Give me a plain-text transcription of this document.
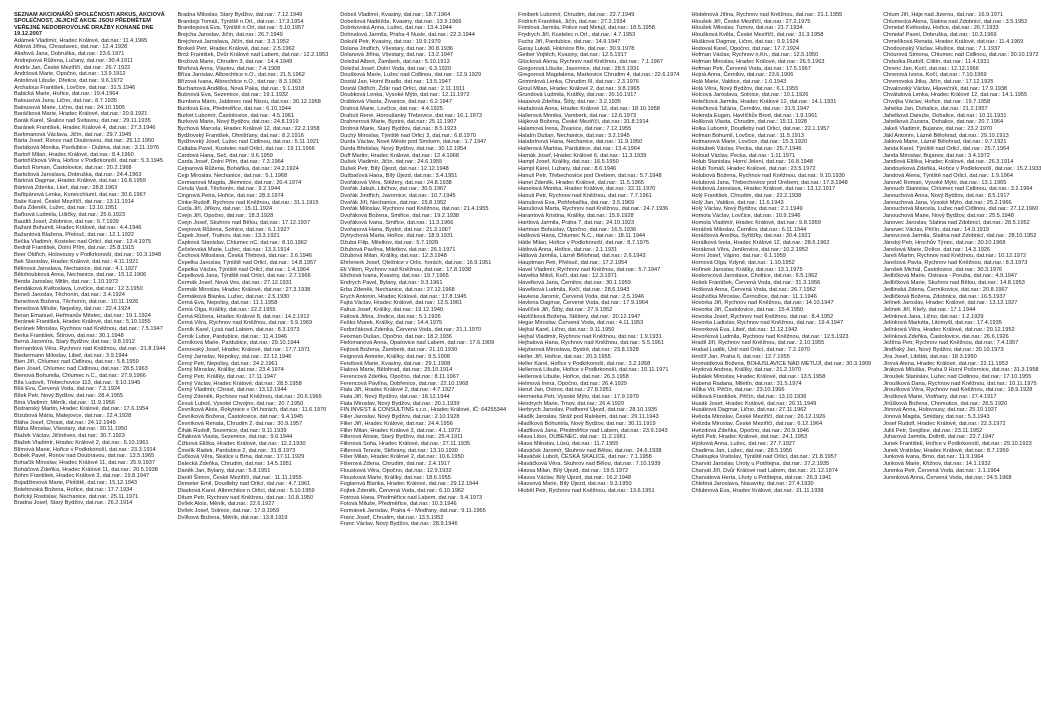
SEZNAM AKCIONÁŘŮ SPOLEČNOSTI ARKUS, AKCIOVÁ SPOLEČNOST, JEJICHŽ AKCIE JSOU PŘEDMĚTEM VEŘEJNÉ NEDOBROVOLNÉ DRAŽBY KONANÉ DNE 19.12.2007

Adámek Vladimír, Hradec Králové, dat.nar.: 11.4.1965

Ablová Jiřina, Chrastavec, dat.nar.: 12.4.1928

Aliafová Jana, Dobruška, dat.nar.: 23.6.1971

Andrejsová Růžena, Lučany, dat.nar.: 30.4.1911

Andrls Jan, České Meziříčí, dat.nar.: 26.7.1922

Andršová Marie, Opočno, dat.nar.: 13.9.1912

Antošová Libuše, Dřetice, dat.nar.: 9.6.1972

Archalous František, Lovčice, dat.nar.: 31.5.1946

Babická Marie, Hořice, dat.nar.: 19.4.1964

Balousová Jana, Lično, dat.nar.: 8.7.1935

Balousová Marie, Lično, dat.nar.: 24.10.1905

Baráčková Marie, Hradec Králové, dat.nar.: 20.9.1921

Barák Karel, Skalice nad Svitavou, dat.nar.: 29.11.1935

Baránek František, Hradec Králové 4, dat.nar.: 27.3.1946

Barkmanová Václava, Jičín, dat.nar.: 29.7.1949

Bárta Josef, Ronov nad Doubravou, dat.nar.: 25.12.1950

Bartáková Monika, Pardubice - Dubina, dat.nar.: 3.11.1976

Bartoň Milan, Hradec Králové, dat.nar.: 8.4.1960

Bartoňíčková Věra, Hořice v Podkrkonoší, dat.nar.: 5.3.1945

Bartoš Roman, Častolovice, dat.nar.: 20.2.1968

Bartošová Jaroslava, Dobruška, dat.nar.: 24.4.1963

Bártová Dagmar, Hradec Králové, dat.nar.: 16.8.1959

Bártová Zdenka, Lkeř, dat.nar.: 28.8.1963

Bařtipánová Lenka, Konecchlumí, dat.nar.: 30.6.1967

Baše Karel, České Meziříčí, dat.nar.: 13.11.1914

Baťa Zdeněk, Lužec, dat.nar.: 13.10.1951

Baťková Ludmila, Lišičky, dat.nar.: 25.6.1923

Baudiš Josef, Zdobnice, dat.nar.: 6.7.1939

Bažant Bohumil, Hradec Králové, dat.nar.: 4.4.1946

Bažantová Blažena, Přelouč, dat.nar.: 12.1.1922

Bečka Vladimír, Kostelec nad Orlicí, dat.nar.: 13.4.1975

Bedráf František, Dolní Přím, dat.nar.: 25.8.1915

Beer Oldřich, Holovousy v Podkrkonoší, dat.nar.: 10.3.1948

Bek Stanislav, Hradec Králové, dat.nar.: 4.11.1921

Bělinová Jaroslava, Nechanice, dat.nar.: 4.1.1927

Bělohoubková Anna, Nechanice, dat.nar.: 15.12.1906

Benda Jaroslav, Mitlin, dat.nar.: 1.10.1972

Bendáková Květoslava, Lovčice, dat.nar.: 12.3.1950

Beneš Jaroslav, Těchonín, dat.nar.: 3.4.1924

Benešová Božena, Těchonín, dat.nar.: 10.11.1926

Benešová Miluše, Nepolisy, dat.nar.: 22.4.1924

Beran Emanuel, Heřmanův Městec, dat.nar.: 19.1.1924

Beránek František, Hradec Králové, dat.nar.: 5.10.1955

Beránek Miroslav, Rychnov nad Kněžnou, dat.nar.: 7.5.1947

Berka František, Štírovo, dat.nar.: 30.1.1948

Berná Jaromíra, Starý Bydžov, dat.nar.: 9.8.1912

Bernardová Věra, Rychnov nad Kněžnou, dat.nar.: 21.8.1944

Biedermann Miloslav, Libeř, dat.nar.: 3.9.1944

Bien Jiří, Chlumec nad Cidlinou, dat.nar.: 5.8.1959

Bien Josef, Chlumec nad Cidlinou, dat.nar.: 28.5.1963

Bienová Bohumila, Chlumec n.C., dat.nar.: 27.9.1966

Bíla Ludovít, Třebechovice 113, dat.nar.: 9.10.1945

Bílá Eva, Červená Voda, dat.nar.: 7.3.1924

Bílek Petr, Nový Bydžov, dat.nar.: 28.4.1955

Bína Vladimír, Měník, dat.nar.: 11.9.1956

Bistranský Martin, Hradec Králové, dat.nar.: 17.6.1954

Bízubová Mária, Matejovce, dat.nar.: 22.4.1928

Bláha Josef, Chrast, dat.nar.: 24.12.1949

Bláha Miroslav, Všestary, dat.nar.: 30.11.1950

Blažek Václav, Jičíněves, dat.nar.: 30.7.1923

Blažek Vladimír, Hradec Králové 2, dat.nar.: 6.10.1961

Blímová Marie, Hořice v Podkrkonoší, dat.nar.: 23.3.1914

Bobek Pavel, Ronov nad Doubravou, dat.nar.: 13.5.1965

Bohačík Miroslav, Hradec Králové 11, dat.nar.: 25.9.1937

Boháčová Zdeňka, Hradec Králové 11, dat.nar.: 20.5.1938

Böhm František, Hradec Králové 3, dat.nar.: 19.8.1947

Bojadžievová Marie, Plotiště, dat.nar.: 15.12.1943

Bolehovská Božena, Hořice, dat.nar.: 17.7.1934

Bořický Rostislav, Nechanice, dat.nar.: 25.11.1971

Bradna Josef, Starý Bydžov, dat.nar.: 26.2.1914

Bradna Miloslav, Starý Bydžov, dat.nar.: 7.12.1949

Brandejs Tomáš, Týniště n.Orl., dat.nar.: 17.3.1954

Brandejsová Eva, Týniště n.Orl, dat.nar.: 5.10.1957

Brejcha Jaroslav, Jičín, dat.nar.: 26.7.1949

Brejchová Jaroslava, Jičín, dat.nar.: 3.3.1952

Brokeš Petr, Hradec Králové, dat.nar.: 2.5.1962

Brož František, Dvůr Králové nad Labem, dat.nar.: 12.2.1953

Brožová Marie, Chrudim 3, dat.nar.: 14.4.1949

Břeňová Anna, Vlastov, dat.nar.: 7.4.1908

Bříza Jaroslav, Albrechtice n.O., dat.nar.: 21.5.1962

Břízová Ivana, Albrechtice n.O., dat.nar.: 8.3.1963

Buchartová Andělka, Nová Paka, dat.nar.: 9.1.1918

Bubnová Eva, Sezemice, dat.nar.: 19.1.1932

Bumbera Mário, Jablonec nad Nisou, dat.nar.: 30.12.1968

Burdová Eva, Předměřice, dat.nar.: 6.10.1944

Burket Lubomír, Častolovice, dat.nar.: 4.5.1961

Burková Marie, Nový Bydžov, dat.nar.: 24.8.1919

Bychová Marcela, Hradec Králové 12, dat.nar.: 22.2.1958

Bydžovský František, Ohnišťany, dat.nar.: 8.2.1916

Bydžovský Josef, Lužec nad Cidlinou, dat.nar.: 5.11.1921

Caltaba Pavel, Kostelec nad Orlicí, dat.nar.: 19.11.1966

Cardová Hana, Seč, dat.nar.: 9.6.1959

Carda Josef, Dolní Přím, dat.nar.: 7.3.1964

Cejnarová Růžena, Boháňka, dat.nar.: 24.2.1924

Cejp Miroslav, Nechanice, dat.nar.: 5.1.1968

Cermanová Magda, Jilemnice, dat.nar.: 20.4.1974

Cerula Vasil, Těchonín, dat.nar.: 9.2.1944

Cingrová Petra, Hořice, dat.nar.: 28.3.1974

Cinke Rudolf, Rychnov nad Kněžnou, dat.nar.: 31.1.1915

Cucla Jiří, Jiříkov, dat.nar.: 15.11.1924

Cvejn Jiří, Opočno, dat.nar.: 18.3.1928

Cvejn Josef, Skuhrov nad Bělou, dat.nar.: 17.12.1937

Cvejnová Růžena, Solnice, dat.nar.: 6.1.1927

Čapek Josef, Trutnov, dat.nar.: 13.3.1921

Čapková Stanislav, Chlumec nC, dat.nar.: 8.10.1962

Čečelevská Marie, Lužec, dat.nar.: 13.3.1914

Čechová Miloslava, Česká Třebová, dat.nar.: 2.6.1946

Čepelka Jaroslav, Týniště nad Orlicí, dat.nar.: 14.8.1957

Čepelka Václav, Týniště nad Orlicí, dat.nar.: 1.4.1964

Čepelková Jana, Týniště nad Orlicí, dat.nar.: 2.7.1966

Čermák Josef, Nová Ves, dat.nar.: 27.12.1931

Čermák Miroslav, Hradec Králové, dat.nar.: 27.3.1938

Čermáková Blanka, Lužec, dat.nar.: 2.5.1930

Černá Eva, Nepolisy, dat.nar.: 11.1.1958

Černá Olga, Králíky, dat.nar.: 22.2.1955

Černá Růžena, Hradec Králové 8, dat.nar.: 14.2.1912

Černá Věra, Rychnov nad Kněžnou, dat.nar.: 5.9.1969

Černík Karel, Lysá nad Labem, dat.nar.: 8.3.1973

Černík Lubor, Pardubice, dat.nar.: 11.4.1946

Černíková Marie, Pardubice, dat.nar.: 29.10.1944

Černovský Josef, Hradec Králové, dat.nar.: 17.7.1971

Černý Jaroslav, Nepolisy, dat.nar.: 22.12.1946

Černý Petr, Nepolisy, dat.nar.: 24.2.1961

Černý Miroslav, Králíky, dat.nar.: 23.4.1974

Černý Petr, Králíky, dat.nar.: 17.11.1947

Černý Václav, Hradec Králové, dat.nar.: 28.5.1958

Černý Vladimír, Chrast, dat.nar.: 13.12.1944

Černý Zdeněk, Rychnov nad Kněžnou, dat.nar.: 20.6.1965

Čevuk Luboš, Vysoké Chvojno, dat.nar.: 20.7.1950

Čevníková Alois, Rokytnice v Orl.horách, dat.nar.: 11.6.1970

Čevníková Božena, Častolovice, dat.nar.: 9.4.1945

Čevníková Renata, Chrudim 2, dat.nar.: 30.9.1957

Čihák Rudolf, Sezemice, dat.nar.: 9.11.1939

Čiháková Vlasta, Sezemice, dat.nar.: 9.6.1944

Čížková Eliška, Hradec Králové, dat.nar.: 12.2.1930

Čmelík Radek, Pardubice 2, dat.nar.: 31.8.1973

Čučková Věra, Skalice u Brna, dat.nar.: 17.11.1929

Dalecká Zdeňka, Chrudim, dat.nar.: 14.5.1951

Daněk Jan, Bylany, dat.nar.: 5.8.1951

Daněl Šimon, České Meziříčí, dat.nar.: 11.11.1955

Demeter Emil, Doudleby nad Orlicí, dat.nar.: 4.7.1961

Dlasková Karel, Albrechtice n.Orlicí, dat.nar.: 5.10.1959

Dítum Petr, Rychnov nad Kněžnou, dat.nar.: 10.8.1950

Dvílek Alois, Měník, dat.nar.: 22.6.1927

Dvílek Josef, Solnice, dat.nar.: 17.9.1959

Dvílková Božena, Měník, dat.nar.: 13.8.1919

Dobeš Vladimír, Kvasiny, dat.nar.: 18.7.1964

Dobešová Naděžda, Kvasiny, dat.nar.: 13.9.1966

Dobrkovská Anna, Lužec, dat.nar.: 13.4.1944

Dohnalová Jarmila, Praha 4 Nusle, dat.nar.: 22.3.1944

Dokulil Petr, Kvasiny, dat.nar.: 19.9.1970

Dolana Jindřich, Všestary, dat.nar.: 30.8.1936

Dolanová Jiřina, Všestary, dat.nar.: 13.2.1947

Doležal Albert, Žamberk, dat.nar.: 5.10.1913

Doležal Josef, Dolní Voda, dat.nar.: 6.3.1920

Doušková Marie, Lužec nad Cidlinou, dat.nar.: 12.9.1929

Dostál Jan, Horní Bradlo, dat.nar.: 13.5.1947

Dostál Oldřich, Žďár nad Orlicí, dat.nar.: 2.11.1911

Doubková Lenka, Vysoké Mýto, dat.nar.: 12.11.1972

Drábková Vlasta, Živanice, dat.nar.: 6.2.1947

Drahná Marie, Lovčice, dat.nar.: 4.4.1925

Drahoš René, Horoušanky Třebovice, dat.nar.: 16.1.1973

Drahnerová Marie, Bystré, dat.nar.: 25.11.1907

Drobná Marie, Starý Bydžov, dat.nar.: 8.5.1923

Duchý Miroslav, Týniště nad Orlicí 3, dat.nar.: 6.8.1970

Durda Václav, Nové Město pod Smrkem, dat.nar.: 1.7.1947

Durda Břetislav, Nový Bydžov, dat.nar.: 30.12.1954

Duff Martin, Hradec Králové, dat.nar.: 12.4.1968

Dušek Vladimír, Jičín, dat.nar.: 24.6.1955

Dušek Petr, Bílý Újezd, dat.nar.: 12.12.1948

Dušbaťová Hana, Bílý Újezd, dat.nar.: 3.4.1951

Dvořáková Věra, Stěžery, dat.nar.: 24.8.1938

Dvořák Jakub, Libčhov, dat.nar.: 30.5.1967

Dvořák Jindřich, Javornice, dat.nar.: 10.7.1945

Dvořák Jiří, Nechanice, dat.nar.: 15.8.1952

Dvořák Miloslav, Rychnov nad Kněžnou, dat.nar.: 21.4.1955

Dvořáková Božena, Smiřice, dat.nar.: 19.2.1938

Dvořáková Ivana, Smiřice, dat.nar.: 11.3.1966

Dvořanová Hana, Bystré, dat.nar.: 21.3.1967

Dytrychová Marta, Hořice, dat.nar.: 18.9.1931

Džuba Filip, Miletkov, dat.nar.: 5.7.1928

Džubová Pavlína, Miletkov, dat.nar.: 26.1.1971

Džubová Milan, Králíky, dat.nar.: 12.3.1948

Ehrlenerk Josef, Olešnice v Orlic. horách, dat.nar.: 16.9.1951

Eli Vilém, Rychnov nad Kněžnou, dat.nar.: 17.8.1938

Elichová Ivana, Kvasiny, dat.nar.: 19.7.1965

Endrych Pavel, Bylany, dat.nar.: 9.3.1961

Erba Zdeněk, Nechanice, dat.nar.: 27.12.1968

Erych Antonín, Hradec Králové, dat.nar.: 17.8.1945

Fajta Václav, Hradec Králové, dat.nar.: 12.5.1961

Faltus Josef, Králíky, dat.nar.: 19.12.1940

Faltová Jiřina, Jindice, dat.nar.: 5.1.1926

Feško Marek, Králíky, dat.nar.: 14.4.1975

Fedorčáková Zdenka, Červená Voda, dat.nar.: 21.1.1970

Feixman Dušan, Opočno, dat.nar.: 18.2.1936

Fielomanová Anna, Opatovice nad Labem, dat.nar.: 17.6.1909

Fejtová Božena, Žamberk, dat.nar.: 21.10.1930

Feignová Antonie, Králíky, dat.nar.: 9.5.1908

Feistlová Marie, Kvasiny, dat.nar.: 29.1.1908

Fialová Marie, Bělohrad, dat.nar.: 25.10.1914

Ferencová Zdeňka, Opočno, dat.nar.: 8.11.1967

Ferencová Pavlína, Dobřenice, dat.nar.: 22.10.1968

Fiala Jiří, Hradec Králové 2, dat.nar.: 4.7.1927

Fiala Jiří, Nový Bydžov, dat.nar.: 18.12.1944

Fiala Miroslav, Nový Bydžov, dat.nar.: 20.1.1939

FIN INVEST & CONSULTING s.r.o., Hradec Králové, IČ: 64255344

Filler Jaroslav, Nový Bydžov, dat.nar.: 2.10.1928

Filler Jiří, Hradec Králové, dat.nar.: 24.4.1956

Filler Milan, Hradec Králové 3, dat.nar.: 4.1.1973

Fillerová Alosie, Starý Bydžov, dat.nar.: 25.4.1911

Fillerová Soňa, Hradec Králové, dat.nar.: 27.11.1935

Fillerová Terezie, Skřivany, dat.nar.: 13.10.1930

Fišer Milan, Hradec Králové 2, dat.nar.: 10.6.1950

Fišerová Zdena, Chrudim, dat.nar.: 2.4.1917

Flousková Věra, Opočno, dat.nar.: 12.9.1932

Flousková Marie, Králíky, dat.nar.: 18.6.1955

Foglarová Blanka, Hradec Králové, dat.nar.: 29.12.1944

Fojtek Zdeněk, Červená Voda, dat.nar.: 6.10.1962

Fotrová Hana, Předměřice nad Labem, dat.nar.: 9.4.1973

Fotová Miluše, Předměřice, dat.nar.: 10.3.1946

Formánek Jaroslav, Praha 4 - Modřany, dat.nar.: 9.11.1965

Franc Josef, Chrudim, dat.nar.: 13.5.1952

Franc Václav, Nový Bydžov, dat.nar.: 28.9.1946

Freiberk Lubomír, Chrudim, dat.nar.: 22.7.1949

Fridrich František, Jičín, dat.nar.: 27.2.1934

Frimlová Jarmila, Police nad Metují, dat.nar.: 18.5.1958

Frydrych Jiří, Kostelec n.Orl., dat.nar.: 4.7.1953

Fuchs Jiří, Pardubice, dat.nar.: 14.9.1947

Garay Lukáš, Holovice Bře, dat.nar.: 30.9.1978

Geiber Vojtěch, Kvasiny, dat.nar.: 12.5.1917

Glücková Alena, Rychnov nad Kněžnou, dat.nar.: 7.1.1967

Gregorová Libuše, Javornice, dat.nar.: 28.5.1931

Gregorová Magdalena, Markovice Chrudim 4, dat.nar.: 22.6.1974

Grimmlová Lenka, Chrudim III, dat.nar.: 2.3.1976

Groul Milan, Hradec Králové 2, dat.nar.: 9.8.1965

Grundová Ludmila, Králíky, dat.nar.: 20.10.1917

Haasová Zdeňka, Štíty, dat.nar.: 3.2.1935

Hadašová Anna, Hradec Králové 12, dat.nar.: 18.10.1958

Hallerová Monika, Vamberk, dat.nar.: 12.6.1973

Hájková Božena, České Meziříčí, dat.nar.: 31.8.1914

Halamová Irena, Živanice, dat.nar.: 7.12.1955

Halatín Dušan, Nechanice, dat.nar.: 3.2.1945

Halabrínová Hana, Nechanice, dat.nar.: 11.9.1950

Hallerová Martina, Pardubice, dat.nar.: 13.4.1964

Hamák Josef, Hradec Králové 6, dat.nar.: 11.3.1939

Hampl Josef, Králíky, dat.nar.: 16.5.1950

Hampl Karel, Lužany, dat.nar.: 8.6.1946

Hanuš Petr, Třebechovice pod Orebem, dat.nar.: 5.7.1948

Hanel Zdeněk, Hradec Králové, dat.nar.: 11.5.1965

Hanelová Monika, Hradec Králové, dat.nar.: 22.11.1970

Hanuš Petr, Rychnov nad Kněžnou, dat.nar.: 7.7.1961

Hanušová Eva, Pohřebačka, dat.nar.: 3.5.1969

Hanušová Marta, Rychnov nad Kněžnou, dat.nar.: 24.7.1936

Harantová Kristina, Králíky, dat.nar.: 15.9.1928

Hartlová Jarmila, Praha 7, dat.nar.: 24.10.1923

Hartman Bohuslav, Opočno, dat.nar.: 16.5.1936

Hašková Hana, Chlumec N.C., dat.nar.: 18.11.1944

Hátle Milan, Hořice v Podkrkonoší, dat.nar.: 8.7.1975

Hátlová Anna, Hořice, dat.nar.: 2.1.1931

Hátlová Jarmila, Lázně Bělohrad, dat.nar.: 2.6.1943

Hauptman Petr, Přelouč, dat.nar.: 17.2.1954

Havel Vladimír, Rychnov nad Kněžnou, dat.nar.: 5.7.1947

Havelka Miloš, Kočí, dat.nar.: 12.3.1971

Havelková Jana, Černilov, dat.nar.: 30.1.1959

Havelková Ludmila, Kočí, dat.nar.: 28.6.1943

Havlena Jaromír, Červená Voda, dat.nar.: 2.5.1946

Havlena Dagmar, Červené Voda, dat.nar.: 17.9.1964

Havlíček Jiří, Štíty, dat.nar.: 27.9.1952

Havlíčková Božena, Stěžery, dat.nar.: 20.12.1947

Hegar Miroslav, Červená Voda, dat.nar.: 4.11.1953

Hejhal Karel, Lično, dat.nar.: 9.11.1950

Hejhal Vladimír, Rychnov nad Kněžnou, dat.nar.: 1.9.1931

Hejhalová Hana, Rychnov nad Kněžnou, dat.nar.: 5.5.1961

Hejzlarová Miroslava, Bystré, dat.nar.: 23.8.1928

Heller Jiří, Hořice, dat.nar.: 20.3.1955

Heller Karel, Hořice v Podkrkonoší, dat.nar.: 3.2.1958

Hellerová Libuše, Hořice v Podkrkonoší, dat.nar.: 10.11.1971

Hellerová Libuše, Hořice, dat.nar.: 26.3.1958

Helmová Irena, Opočno, dat.nar.: 26.4.1929

Henzl Jan, Ostrov, dat.nar.: 27.8.1951

Hermerka Petr, Vysoké Mýto, dat.nar.: 17.9.1970

Hendrych Marie, Trnov, dat.nar.: 26.4.1929

Herbrych Jaroslav, Podhorní Újezd, dat.nar.: 28.10.1935

Hladík Jaroslav, Stráž pod Ralskem, dat.nar.: 29.11.1943

Hladíková Bohumila, Nový Bydžov, dat.nar.: 30.11.1919

Hladíková Jana, Předměřice nad Labem, dat.nar.: 23.9.1943

Hlava Libor, DUBENEC, dat.nar.: 11.2.1961

Hlava Miloslav, Lüsü, dat.nar.: 11.7.1955

Hlaváček Jaromír, Skuhrov nad Bělou, dat.nar.: 24.6.1938

Hlaváček Luboš, ČESKÁ SKALICE, dat.nar.: 7.1.1958

Hlaváčková Věra, Skuhrov nad Bělou, dat.nar.: 7.10.1939

Hlavsa Milan, Bílý Újezd, dat.nar.: 19.5.1972

Hlavsa Václav, Bílý Újezd, dat.nar.: 16.2.1948

Hlavsová Marie, Bílý Újezd, dat.nar.: 9.3.1950

Hloběl Petr, Rychnov nad Kněžnou, dat.nar.: 13.6.1951

Hloběnová Jiřina, Rychnov nad Kněžnou, dat.nar.: 21.1.1955

Hloušek Jiří, České Meziříčí, dat.nar.: 27.2.1975

Hloušek Miloslav, Turnov, dat.nar.: 21.7.1934

Hloušková Květa, České Meziříčí, dat.nar.: 31.3.1958

Hlušková Dagmar, Lično, dat.nar.: 9.9.1924

Hodoval Karel, Opočno, dat.nar.: 17.7.1924

Hofman Václav, Rychnov n.Kn., dat.nar.: 12.5.1950

Hofman Miroslav, Hradec Králové, dat.nar.: 26.5.1963

Hofman Petr, Červená Voda, dat.nar.: 17.5.1967

Hojná Anna, Černilov, dat.nar.: 23.6.1906

Holá Marie, Valdice, dat.nar.: 1.6.1943

Holá Věra, Nový Bydžov, dat.nar.: 6.1.1955

Holcová Jaroslava, Solnice, dat.nar.: 10.1.1926

Holečková Jarmila, Hradec Králové 12, dat.nar.: 14.1.1931

Holečková Taťána, Černilov, dat.nar.: 31.5.1947

Holenda Eugen, Havlíčkův Brod, dat.nar.: 1.9.1961

Holíková Vlasta, Chrudim, dat.nar.: 15.11.1928

Holka Lubomír, Doudleby nad Orlicí, dat.nar.: 22.1.1957

Holman Bohumil, Lovčice, dat.nar.: 11.5.1913

Holmanová Marie, Lovčice, dat.nar.: 15.3.1920

Holoubek Václav, Pecka, dat.nar.: 25.7.1946

Holoud Václav, Pecka, dat.nar.: 1.11.1971

Holub Stanislav, Horní Jelení, dat.nar.: 16.8.1948

Holub Tomáš, Hradec Králové, dat.nar.: 23.5.1972

Holubová Božena, Rychnov nad Kněžnou, dat.nar.: 9.10.1930

Holubová Jana, Třebechovice pod Orebem, dat.nar.: 17.3.1948

Holubová Jaroslava, Hradec Králové, dat.nar.: 13.12.1917

Holý František, Chrudim, dat.nar.: 22.2.1938

Holý Jan, Valdice, dat.nar.: 11.6.1943

Holý Václav, Nový Bydžov, dat.nar.: 2.1.1949

Homola Václav, Lovčice, dat.nar.: 10.9.1946

Homola Vladimír, Hradec Králové, dat.nar.: 9.8.1959

Horáček Miloslav, Černilov, dat.nar.: 6.11.1944

Horáčková Anežka, Syřišťky, dat.nar.: 30.4.1921

Horálková Iveta, Hradec Králové 12, dat.nar.: 28.6.1962

Horáková Věra, Jeníkovice, dat.nar.: 10.2.1952

Horní Josef, Vápno, dat.nar.: 6.1.1959

Hornová Olga, Kdyně, dat.nar.: 1.10.1952

Hořínek Jaroslav, Králíky, dat.nar.: 13.1.1975

Hoskovcová Jaroslava, Choltice, dat.nar.: 6.5.1962

Hošek František, Červená Voda, dat.nar.: 31.3.1956

Hošková Anna, Červená Voda, dat.nar.: 26.7.1962

Houžvička Miroslav, Černožice, dat.nar.: 11.1.1946

Hovorka Jiří, Rychnov nad Kněžnou, dat.nar.: 14.10.1947

Hovorka Jiří, Častolovice, dat.nar.: 15.4.1950

Hovorka Josef, Rychnov nad Kněžnou, dat.nar.: 8.4.1952

Hovorka Ladislav, Rychnov nad Kněžnou, dat.nar.: 19.4.1947

Hovorková Eva, Libeř, dat.nar.: 11.12.1942

Hovorková Ludmila, Rychnov nad Kněžnou, dat.nar.: 12.5.1923

Hradil Jiří, Rychnov nad Kněžnou, dat.nar.: 2.10.1955

Hrabal Luděk, Ústí nad Orlicí, dat.nar.: 7.2.1970

Hrnčíř Jan, Praha 6, dat.nar.: 12.7.1955

Hromádková Božena, BOHUSLAVICE NAD METUJÍ, dat.nar.: 30.3.1909

Hrydová Andrea, Králíky, dat.nar.: 21.2.1970

Hubálek Miroslav, Hradec Králové, dat.nar.: 13.5.1958

Hubená Radana, Miletín, dat.nar.: 31.5.1974

Hůlka Vít, Pěčín, dat.nar.: 23.10.1966

Hůlková František, Pěčín, dat.nar.: 13.10.1936

Husák Josef, Hradec Králové, dat.nar.: 20.11.1949

Husáková Dagmar, Lično, dat.nar.: 27.11.1962

Hvězda Miroslav, České Meziříčí, dat.nar.: 26.12.1926

Hvězda Miroslav, České Meziříčí, dat.nar.: 6.12.1964

Hvězdová Zdeňka, Opočno, dat.nar.: 20.9.1946

Hybš Petr, Hradec Králové, dat.nar.: 24.1.1953

Hýsková Anna, Lužec, dat.nar.: 27.7.1927

Chadima Jan, Lužec, dat.nar.: 28.5.1956

Chaloupka Vratislav, Týniště nad Orlicí, dat.nar.: 21.8.1957

Charvát Jaroslav, Lhoty u Potštejna, dat.nar.: 27.2.1935

Charvát Jiří, Dvůr Králové nad Labem, dat.nar.: 21.12.1974

Charvátová Herta, Lhoty u Potštejna, dat.nar.: 26.3.1941

Chlebná Jaroslava, Nasavrky, dat.nar.: 27.4.1930

Chlubnová Eva, Hradec Králové, dat.nar.: 21.11.1938

Chlum Jiří, Háje nad Jizerou, dat.nar.: 16.9.1971

Chlumecká Alena, Slatina nad Zdobnicí, dat.nar.: 3.5.1952

Chmelař Květoslav, Hořice, dat.nar.: 26.7.1933

Chmelař Pavel, Dobruška, dat.nar.: 10.3.1969

Chmelíková Renata, Hradec Králové, dat.nar.: 11.4.1969

Chodounský Václav, Hlušice, dat.nar.: 7.1.1937

Chourová Simona, Chlumec nad Cidlinou, dat.nar.: 30.10.1972

Chrbolka Rudolf, Cilitín, dat.nar.: 11.4.1931

Chrenc Jan, Kočí, dat.nar.: 12.12.1966

Chrenová Ivona, Kočí, dat.nar.: 7.10.1969

Chrenovská Jitka, Jičín, dat.nar.: 17.12.1925

Chvalovský Václav, Hlavečník, dat.nar.: 17.9.1938

Chvátalová Lenka, Hradec Králové 12, dat.nar.: 14.1.1955

Chvojka Václav, Hořice, dat.nar.: 19.7.1958

Jahelka Jan, Dohalice, dat.nar.: 21.2.1957

Jahelková Danuše, Dohalice, dat.nar.: 10.11.1931

Jahelková Zuzana, Dohalice, dat.nar.: 20.7.1964

Jakeš Vladimír, Bujanov, dat.nar.: 23.2.1970

Jákl Antonín, Lázně Bělohrad, dat.nar.: 29.10.1913

Jaklová Marie, Lázně Bělohrad, dat.nar.: 9.7.1921

Janda Karel, Týniště nad Orlicí, dat.nar.: 25.7.1964

Janda Miroslav, Bujanov, dat.nar.: 3.4.1972

Jandlová Eliška, Hradec Králové, dat.nar.: 26.3.1914

Jandourková Zdeňka, Hořice v Podkrkonoší, dat.nar.: 15.2.1933

Jandová Alena, Týniště nad Orlicí, dat.nar.: 1.9.1964

Janovič Roman, Vysoké Mýto, dat.nar.: 13.1.1965

Janouch Stanislav, Chlumec nad Cidlinou, dat.nar.: 3.2.1964

Janouchová Anna, Nový Bydžov, dat.nar.: 8.5.1917

Janouchová Jana, Vysoké Mýto, dat.nar.: 25.2.1966

Janouchová Marcela, Lužec nad Cidlinou, dat.nar.: 27.12.1960

Janouchová Marie, Nový Bydžov, dat.nar.: 25.5.1948

Janovec Jaroslav, Slatina nad Zdobnicí, dat.nar.: 28.5.1952

Janovec Václav, Pěčín, dat.nar.: 14.9.1919

Janovcová Jarmila, Slatina nad Zdobnicí, dat.nar.: 28.10.1952

Jánský Petr, Hrochův Týnec, dat.nar.: 30.10.1968

Jarešová Marie, Dolíce, dat.nar.: 14.3.1926

Jareš Martin, Rychnov nad Kněžnou, dat.nar.: 10.12.1972

Jarešová Pavla, Rychnov nad Kněžnou, dat.nar.: 8.3.1973

Jarošek Michal, Častolovice, dat.nar.: 30.3.1976

Jedličková Marie, Ostrava - Poruba, dat.nar.: 4.9.1947

Jedličková Marie, Skuhrov nad Bělou, dat.nar.: 14.8.1953

Jedlinská Zdena, Čermíkovice, dat.nar.: 20.8.1967

Jedličková Božena, Zdobnice, dat.nar.: 16.5.1937

Jelínek Jaroslav, Hradec Králové, dat.nar.: 13.12.1927

Jelínek Jiří, Kteřy, dat.nar.: 17.1.1944

Jelínková Jana, Lično, dat.nar.: 1.2.1929

Jelínková Markéta, Litomyšl, dat.nar.: 17.4.1935

Jelínková Věra, Hradec Králové, dat.nar.: 20.12.1952

Jelínková Zdeňka, Častolovice, dat.nar.: 26.6.1926

Ježlína Petr, Rychnov nad Kněžnou, dat.nar.: 7.4.1957

Jindřiský Jan, Nový Bydžov, dat.nar.: 30.10.1973

Jíra Josef, Libštát, dat.nar.: 18.3.1950

Jírová Alena, Hradec Králové, dat.nar.: 22.11.1953

Jiráková Miluška, Praha 9 Horní Počernice, dat.nar.: 31.3.1958

Jiroušek Stanislav, Lužec nad Cidlinou, dat.nar.: 17.10.1955

Jiroušková Dana, Rychnov nad Kněžnou, dat.nar.: 10.11.1975

Jiroušková Věra, Rychnov nad Kněžnou, dat.nar.: 18.9.1928

Jirušková Marie, Vodňany, dat.nar.: 27.4.1917

Jírůšková Božena, Chomutice, dat.nar.: 26.5.1920

Jónová Anna, Holovousy, dat.nar.: 25.10.1927

Jonová Magda, Smidary, dat.nar.: 5.3.1943

Josef Rudolf, Hradec Králové, dat.nar.: 22.3.1972

Juliš Petr, Svojšice, dat.nar.: 23.11.1952

Juharová Jarmila, Doltriš, dat.nar.: 22.7.1947

Junek František, Hořice v Podkrkonoší, dat.nar.: 29.10.1923

Junek Vratislav, Hradec Králové, dat.nar.: 8.7.1959

Junková Ivana, Brno, dat.nar.: 11.9.1964

Junková Marie, Křižnov, dat.nar.: 14.1.1932

Jurenka Petr, Červená Voda, dat.nar.: 1.1.1964

Jurenková Anna, Červená Voda, dat.nar.: 24.5.1968
